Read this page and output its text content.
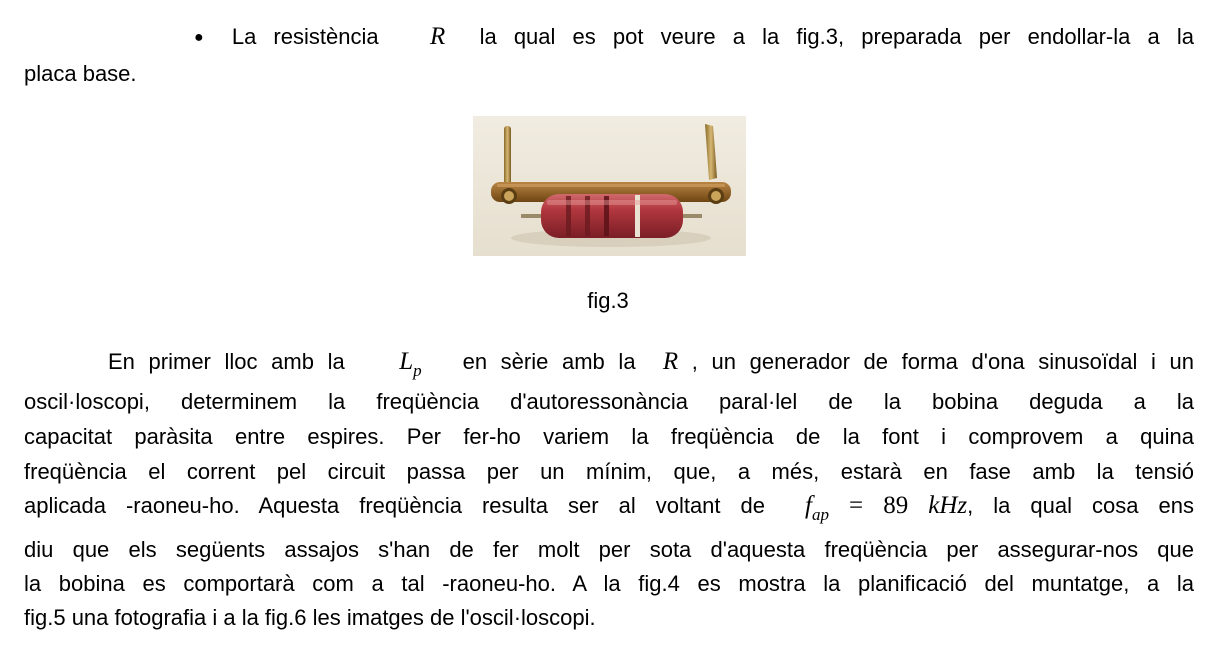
● La resistència R la qual es pot veure a la fig.3, preparada per endollar-la a la
placa base.
fig.3
En primer lloc amb la $L_p$ en sèrie amb la R , un generador de forma d'ona sinusoïdal i un
oscil·loscopi, determinem la freqüència d'autoressonància paral·lel de la bobina deguda a la
capacitat paràsita entre espires. Per fer-ho variem la freqüència de la font i comprovem a quina
freqüència el corrent pel circuit passa per un mínim, que, a més, estarà en fase amb la tensió
aplicada -raoneu-ho. Aquesta freqüència resulta ser al voltant de $f_{ap} = 89$ kHz, la qual cosa ens
diu que els següents assajos s'han de fer molt per sota d'aquesta freqüència per assegurar-nos que
la bobina es comportarà com a tal -raoneu-ho. A la fig.4 es mostra la planificació del muntatge, a la
fig.5 una fotografia i a la fig.6 les imatges de l'oscil·loscopi.
